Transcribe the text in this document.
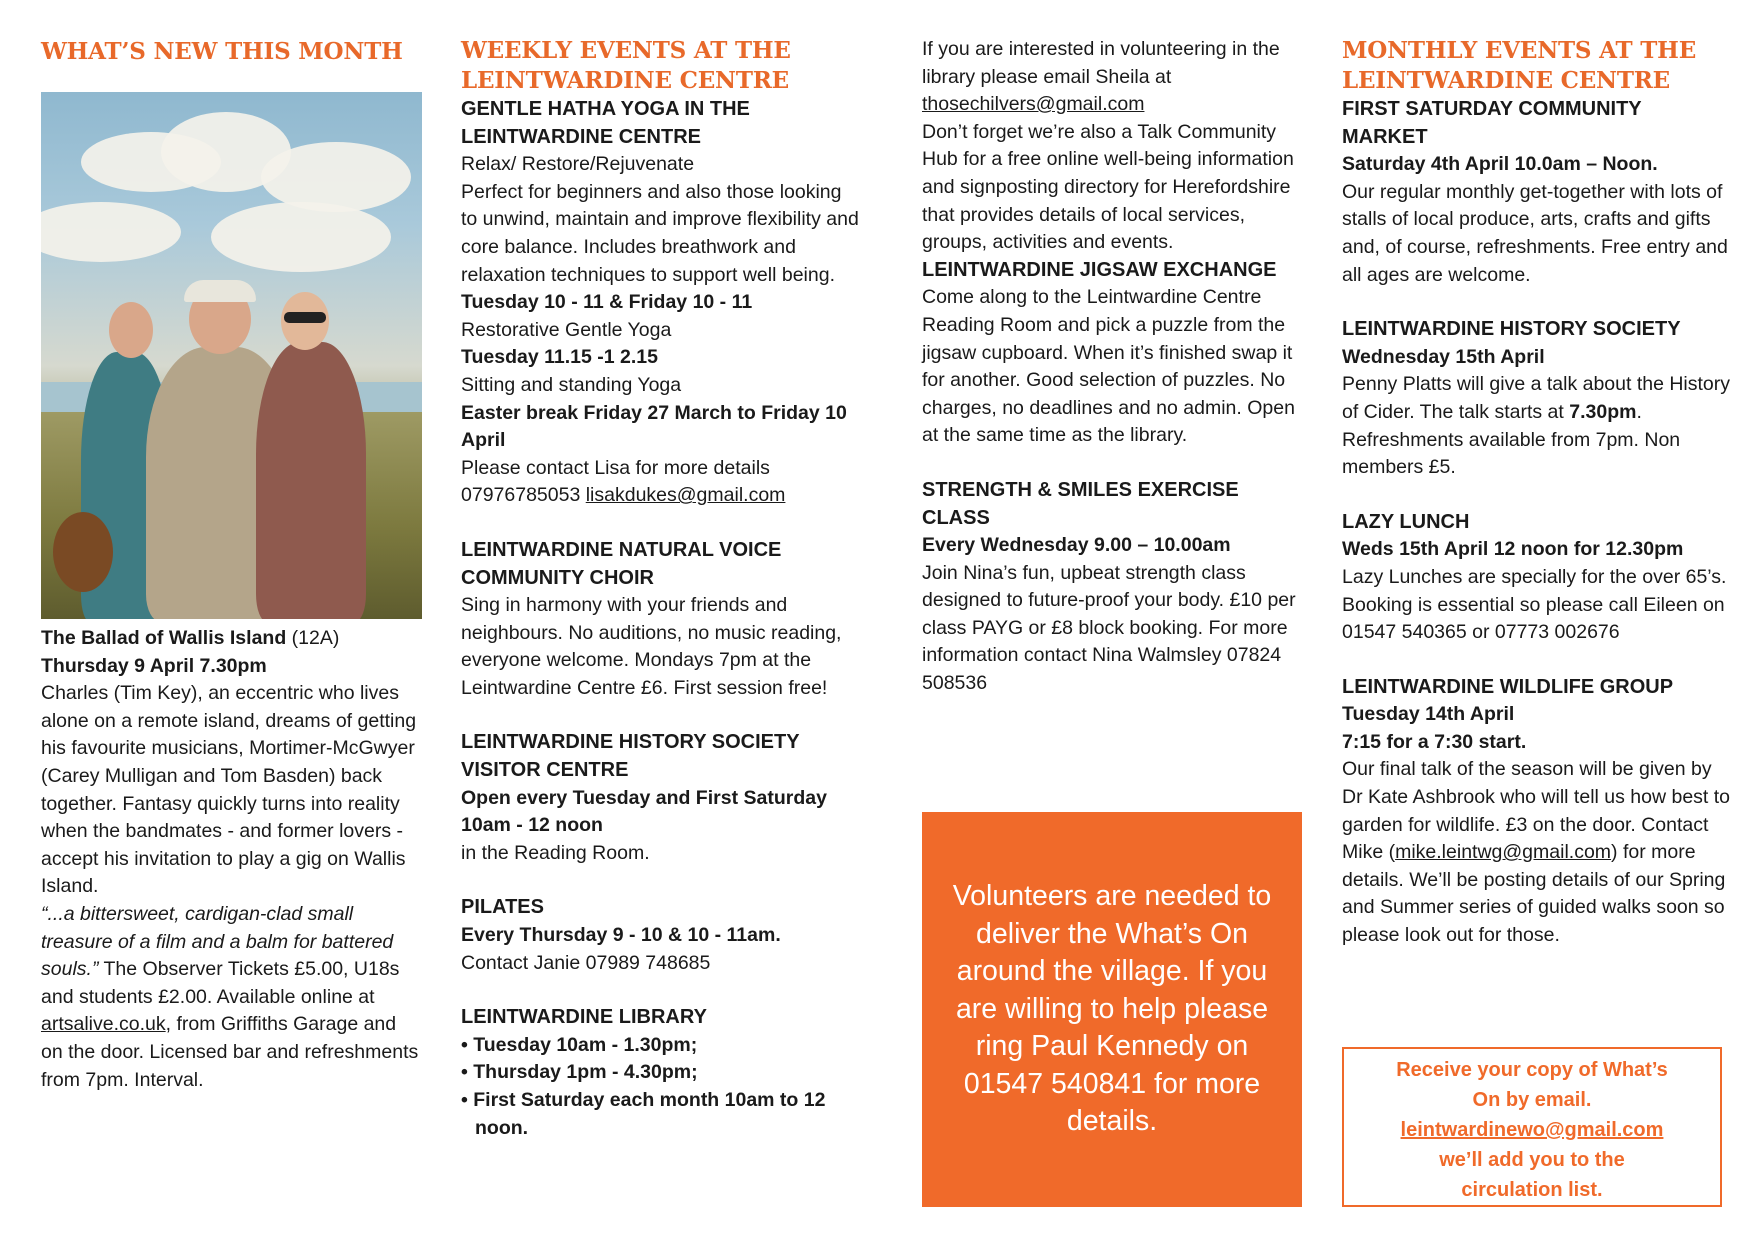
WHAT’S NEW THIS MONTH

The Ballad of Wallis Island (12A)

Thursday 9 April 7.30pm

Charles (Tim Key), an eccentric who lives alone on a remote island, dreams of getting his favourite musicians, Mortimer-McGwyer (Carey Mulligan and Tom Basden) back together. Fantasy quickly turns into reality when the bandmates - and former lovers - accept his invitation to play a gig on Wallis Island.

“...a bittersweet, cardigan-clad small treasure of a film and a balm for battered souls.” The Observer Tickets £5.00, U18s and students £2.00. Available online at artsalive.co.uk, from Griffiths Garage and on the door. Licensed bar and refreshments from 7pm. Interval.

WEEKLY EVENTS AT THE LEINTWARDINE CENTRE

GENTLE HATHA YOGA IN THE LEINTWARDINE CENTRE

Relax/ Restore/Rejuvenate

Perfect for beginners and also those looking to unwind, maintain and improve flexibility and core balance. Includes breathwork and relaxation techniques to support well being.

Tuesday 10 - 11 & Friday 10 - 11

Restorative Gentle Yoga

Tuesday 11.15 -1 2.15

Sitting and standing Yoga

Easter break Friday 27 March to Friday 10 April

Please contact Lisa for more details

07976785053 lisakdukes@gmail.com

LEINTWARDINE NATURAL VOICE COMMUNITY CHOIR

Sing in harmony with your friends and neighbours. No auditions, no music reading, everyone welcome. Mondays 7pm at the Leintwardine Centre £6. First session free!

LEINTWARDINE HISTORY SOCIETY VISITOR CENTRE

Open every Tuesday and First Saturday 10am - 12 noon

in the Reading Room.

PILATES

Every Thursday 9 - 10 & 10 - 11am.

Contact Janie 07989 748685

LEINTWARDINE LIBRARY

• Tuesday 10am - 1.30pm;
• Thursday 1pm - 4.30pm;
• First Saturday each month 10am to 12 noon.

If you are interested in volunteering in the library please email Sheila at thosechilvers@gmail.com

Don’t forget we’re also a Talk Community Hub for a free online well-being information and signposting directory for Herefordshire that provides details of local services, groups, activities and events.

LEINTWARDINE JIGSAW EXCHANGE

Come along to the Leintwardine Centre Reading Room and pick a puzzle from the jigsaw cupboard. When it’s finished swap it for another. Good selection of puzzles. No charges, no deadlines and no admin. Open at the same time as the library.

STRENGTH & SMILES EXERCISE CLASS

Every Wednesday 9.00 – 10.00am

Join Nina’s fun, upbeat strength class designed to future-proof your body. £10 per class PAYG or £8 block booking. For more information contact Nina Walmsley 07824 508536

Volunteers are needed to deliver the What’s On around the village. If you are willing to help please ring Paul Kennedy on 01547 540841 for more details.
MONTHLY EVENTS AT THE LEINTWARDINE CENTRE

FIRST SATURDAY COMMUNITY MARKET

Saturday 4th April 10.0am – Noon.

Our regular monthly get-together with lots of stalls of local produce, arts, crafts and gifts and, of course, refreshments. Free entry and all ages are welcome.

LEINTWARDINE HISTORY SOCIETY

Wednesday 15th April

Penny Platts will give a talk about the History of Cider. The talk starts at 7.30pm. Refreshments available from 7pm. Non members £5.

LAZY LUNCH

Weds 15th April 12 noon for 12.30pm

Lazy Lunches are specially for the over 65’s. Booking is essential so please call Eileen on 01547 540365 or 07773 002676

LEINTWARDINE WILDLIFE GROUP

Tuesday 14th April

7:15 for a 7:30 start.

Our final talk of the season will be given by Dr Kate Ashbrook who will tell us how best to garden for wildlife. £3 on the door. Contact Mike (mike.leintwg@gmail.com) for more details. We’ll be posting details of our Spring and Summer series of guided walks soon so please look out for those.

Receive your copy of What’s On by email.
leintwardinewo@gmail.com
we’ll add you to the circulation list.
